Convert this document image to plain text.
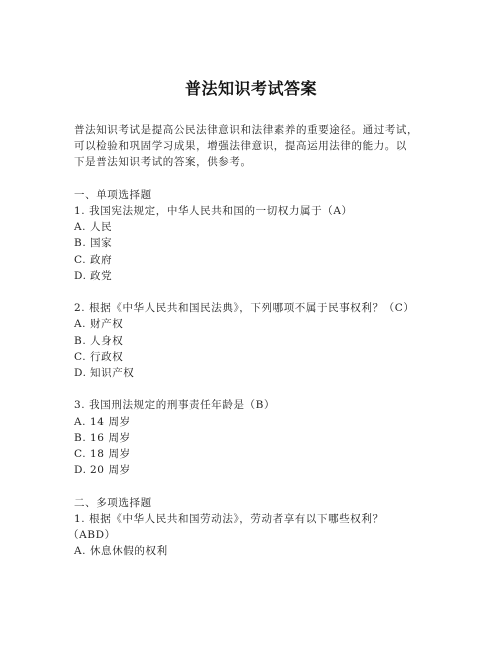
普法知识考试答案
普法知识考试是提高公民法律意识和法律素养的重要途径。通过考试，
可以检验和巩固学习成果，增强法律意识，提高运用法律的能力。以
下是普法知识考试的答案，供参考。
一、单项选择题
1. 我国宪法规定，中华人民共和国的一切权力属于（A）
A. 人民
B. 国家
C. 政府
D. 政党
2. 根据《中华人民共和国民法典》，下列哪项不属于民事权利？（C）
A. 财产权
B. 人身权
C. 行政权
D. 知识产权
3. 我国刑法规定的刑事责任年龄是（B）
A. 14 周岁
B. 16 周岁
C. 18 周岁
D. 20 周岁
二、多项选择题
1. 根据《中华人民共和国劳动法》，劳动者享有以下哪些权利？
（ABD）
A. 休息休假的权利
